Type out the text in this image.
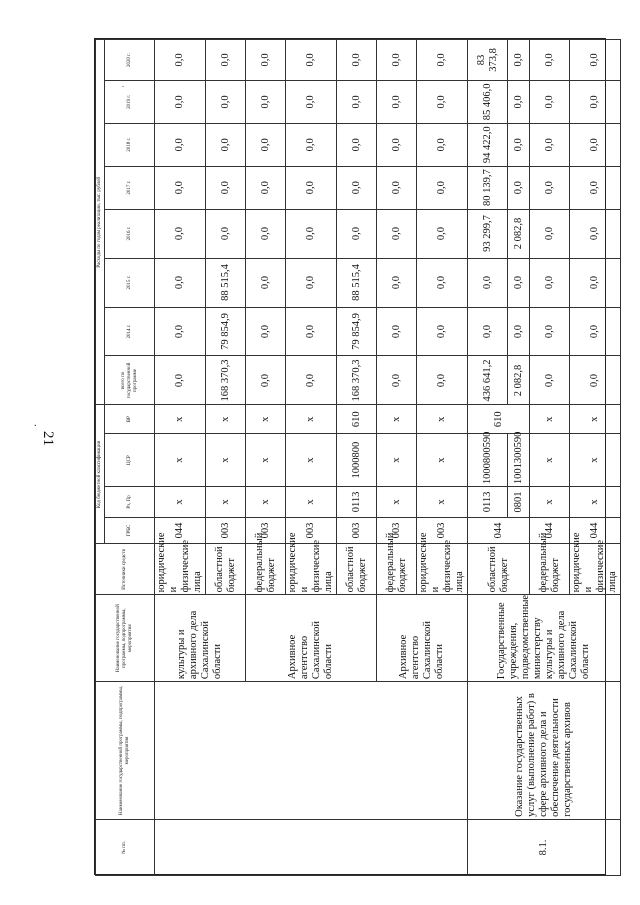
.
.
21
№ пп.	Наименование государственной программы, подпрограммы, мероприятия	Наименование государственной программы, подпрограммы, мероприятия	Источники средств	Код бюджетной классификации				Расходы по годам реализации, тыс. рублей							
				ГРБС	Рз, Пр	ЦСР	ВР	всего по государственной программе	2014 г.	2015 г.	2016 г.	2017 г.	2018 г.	2019 г.	2020 г.
		культуры и архивного дела Сахалинской области	юридические и физические лица	044	х	х	х	0,0	0,0	0,0	0,0	0,0	0,0	0,0	0,0
			областной бюджет	003	х	х	х	168 370,3	79 854,9	88 515,4	0,0	0,0	0,0	0,0	0,0
		Архивное агентство Сахалинской области	федеральный бюджет	003	х	х	х	0,0	0,0	0,0	0,0	0,0	0,0	0,0	0,0
			юридические и физические лица	003	х	х	х	0,0	0,0	0,0	0,0	0,0	0,0	0,0	0,0
			областной бюджет	003	0113	1000800	610	168 370,3	79 854,9	88 515,4	0,0	0,0	0,0	0,0	0,0
		Архивное агентство Сахалинской области	федеральный бюджет	003	х	х	х	0,0	0,0	0,0	0,0	0,0	0,0	0,0	0,0
			юридические и физические лица	003	х	х	х	0,0	0,0	0,0	0,0	0,0	0,0	0,0	0,0
8.1.	Оказание государственных услуг (выполнение работ) в сфере архивного дела и обеспечение деятельности государственных архивов	Государственные учреждения, подведомственные министерству культуры и архивного дела Сахалинской области	областной бюджет	044	0113	1000800590	610	436 641,2	0,0	0,0	93 299,7	80 139,7	94 422,0	85 406,0	83 373,8
					0801	1001300590		2 082,8	0,0	0,0	2 082,8	0,0	0,0	0,0	0,0
			федеральный бюджет	044	х	х	х	0,0	0,0	0,0	0,0	0,0	0,0	0,0	0,0
			юридические и физические лица	044	х	х	х	0,0	0,0	0,0	0,0	0,0	0,0	0,0	0,0
